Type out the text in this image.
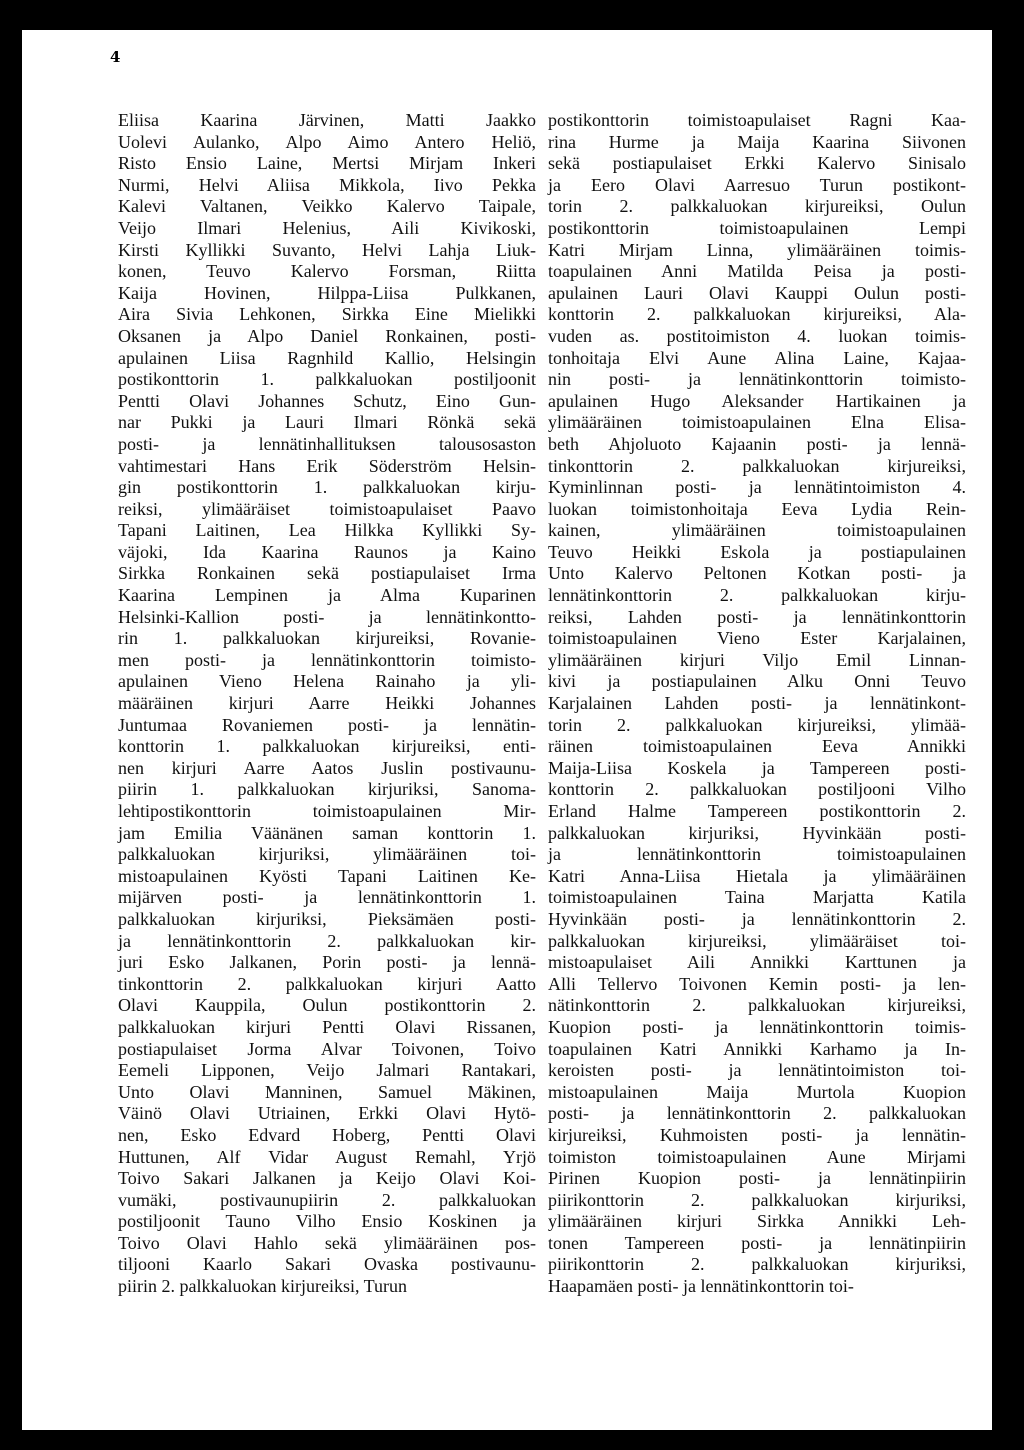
4
Eliisa Kaarina Järvinen, Matti Jaakko
Uolevi Aulanko, Alpo Aimo Antero Heliö,
Risto Ensio Laine, Mertsi Mirjam Inkeri
Nurmi, Helvi Aliisa Mikkola, Iivo Pekka
Kalevi Valtanen, Veikko Kalervo Taipale,
Veijo Ilmari Helenius, Aili Kivikoski,
Kirsti Kyllikki Suvanto, Helvi Lahja Liuk-
konen, Teuvo Kalervo Forsman, Riitta
Kaija Hovinen, Hilppa-Liisa Pulkkanen,
Aira Sivia Lehkonen, Sirkka Eine Mielikki
Oksanen ja Alpo Daniel Ronkainen, posti-
apulainen Liisa Ragnhild Kallio, Helsingin
postikonttorin 1. palkkaluokan postiljoonit
Pentti Olavi Johannes Schutz, Eino Gun-
nar Pukki ja Lauri Ilmari Rönkä sekä
posti- ja lennätinhallituksen talousosaston
vahtimestari Hans Erik Söderström Helsin-
gin postikonttorin 1. palkkaluokan kirju-
reiksi, ylimääräiset toimistoapulaiset Paavo
Tapani Laitinen, Lea Hilkka Kyllikki Sy-
väjoki, Ida Kaarina Raunos ja Kaino
Sirkka Ronkainen sekä postiapulaiset Irma
Kaarina Lempinen ja Alma Kuparinen
Helsinki-Kallion posti- ja lennätinkontto-
rin 1. palkkaluokan kirjureiksi, Rovanie-
men posti- ja lennätinkonttorin toimisto-
apulainen Vieno Helena Rainaho ja yli-
määräinen kirjuri Aarre Heikki Johannes
Juntumaa Rovaniemen posti- ja lennätin-
konttorin 1. palkkaluokan kirjureiksi, enti-
nen kirjuri Aarre Aatos Juslin postivaunu-
piirin 1. palkkaluokan kirjuriksi, Sanoma-
lehtipostikonttorin toimistoapulainen Mir-
jam Emilia Väänänen saman konttorin 1.
palkkaluokan kirjuriksi, ylimääräinen toi-
mistoapulainen Kyösti Tapani Laitinen Ke-
mijärven posti- ja lennätinkonttorin 1.
palkkaluokan kirjuriksi, Pieksämäen posti-
ja lennätinkonttorin 2. palkkaluokan kir-
juri Esko Jalkanen, Porin posti- ja lennä-
tinkonttorin 2. palkkaluokan kirjuri Aatto
Olavi Kauppila, Oulun postikonttorin 2.
palkkaluokan kirjuri Pentti Olavi Rissanen,
postiapulaiset Jorma Alvar Toivonen, Toivo
Eemeli Lipponen, Veijo Jalmari Rantakari,
Unto Olavi Manninen, Samuel Mäkinen,
Väinö Olavi Utriainen, Erkki Olavi Hytö-
nen, Esko Edvard Hoberg, Pentti Olavi
Huttunen, Alf Vidar August Remahl, Yrjö
Toivo Sakari Jalkanen ja Keijo Olavi Koi-
vumäki, postivaunupiirin 2. palkkaluokan
postiljoonit Tauno Vilho Ensio Koskinen ja
Toivo Olavi Hahlo sekä ylimääräinen pos-
tiljooni Kaarlo Sakari Ovaska postivaunu-
piirin 2. palkkaluokan kirjureiksi, Turun
postikonttorin toimistoapulaiset Ragni Kaa-
rina Hurme ja Maija Kaarina Siivonen
sekä postiapulaiset Erkki Kalervo Sinisalo
ja Eero Olavi Aarresuo Turun postikont-
torin 2. palkkaluokan kirjureiksi, Oulun
postikonttorin toimistoapulainen Lempi
Katri Mirjam Linna, ylimääräinen toimis-
toapulainen Anni Matilda Peisa ja posti-
apulainen Lauri Olavi Kauppi Oulun posti-
konttorin 2. palkkaluokan kirjureiksi, Ala-
vuden as. postitoimiston 4. luokan toimis-
tonhoitaja Elvi Aune Alina Laine, Kajaa-
nin posti- ja lennätinkonttorin toimisto-
apulainen Hugo Aleksander Hartikainen ja
ylimääräinen toimistoapulainen Elna Elisa-
beth Ahjoluoto Kajaanin posti- ja lennä-
tinkonttorin 2. palkkaluokan kirjureiksi,
Kyminlinnan posti- ja lennätintoimiston 4.
luokan toimistonhoitaja Eeva Lydia Rein-
kainen, ylimääräinen toimistoapulainen
Teuvo Heikki Eskola ja postiapulainen
Unto Kalervo Peltonen Kotkan posti- ja
lennätinkonttorin 2. palkkaluokan kirju-
reiksi, Lahden posti- ja lennätinkonttorin
toimistoapulainen Vieno Ester Karjalainen,
ylimääräinen kirjuri Viljo Emil Linnan-
kivi ja postiapulainen Alku Onni Teuvo
Karjalainen Lahden posti- ja lennätinkont-
torin 2. palkkaluokan kirjureiksi, ylimää-
räinen toimistoapulainen Eeva Annikki
Maija-Liisa Koskela ja Tampereen posti-
konttorin 2. palkkaluokan postiljooni Vilho
Erland Halme Tampereen postikonttorin 2.
palkkaluokan kirjuriksi, Hyvinkään posti-
ja lennätinkonttorin toimistoapulainen
Katri Anna-Liisa Hietala ja ylimääräinen
toimistoapulainen Taina Marjatta Katila
Hyvinkään posti- ja lennätinkonttorin 2.
palkkaluokan kirjureiksi, ylimääräiset toi-
mistoapulaiset Aili Annikki Karttunen ja
Alli Tellervo Toivonen Kemin posti- ja len-
nätinkonttorin 2. palkkaluokan kirjureiksi,
Kuopion posti- ja lennätinkonttorin toimis-
toapulainen Katri Annikki Karhamo ja In-
keroisten posti- ja lennätintoimiston toi-
mistoapulainen Maija Murtola Kuopion
posti- ja lennätinkonttorin 2. palkkaluokan
kirjureiksi, Kuhmoisten posti- ja lennätin-
toimiston toimistoapulainen Aune Mirjami
Pirinen Kuopion posti- ja lennätinpiirin
piirikonttorin 2. palkkaluokan kirjuriksi,
ylimääräinen kirjuri Sirkka Annikki Leh-
tonen Tampereen posti- ja lennätinpiirin
piirikonttorin 2. palkkaluokan kirjuriksi,
Haapamäen posti- ja lennätinkonttorin toi-
